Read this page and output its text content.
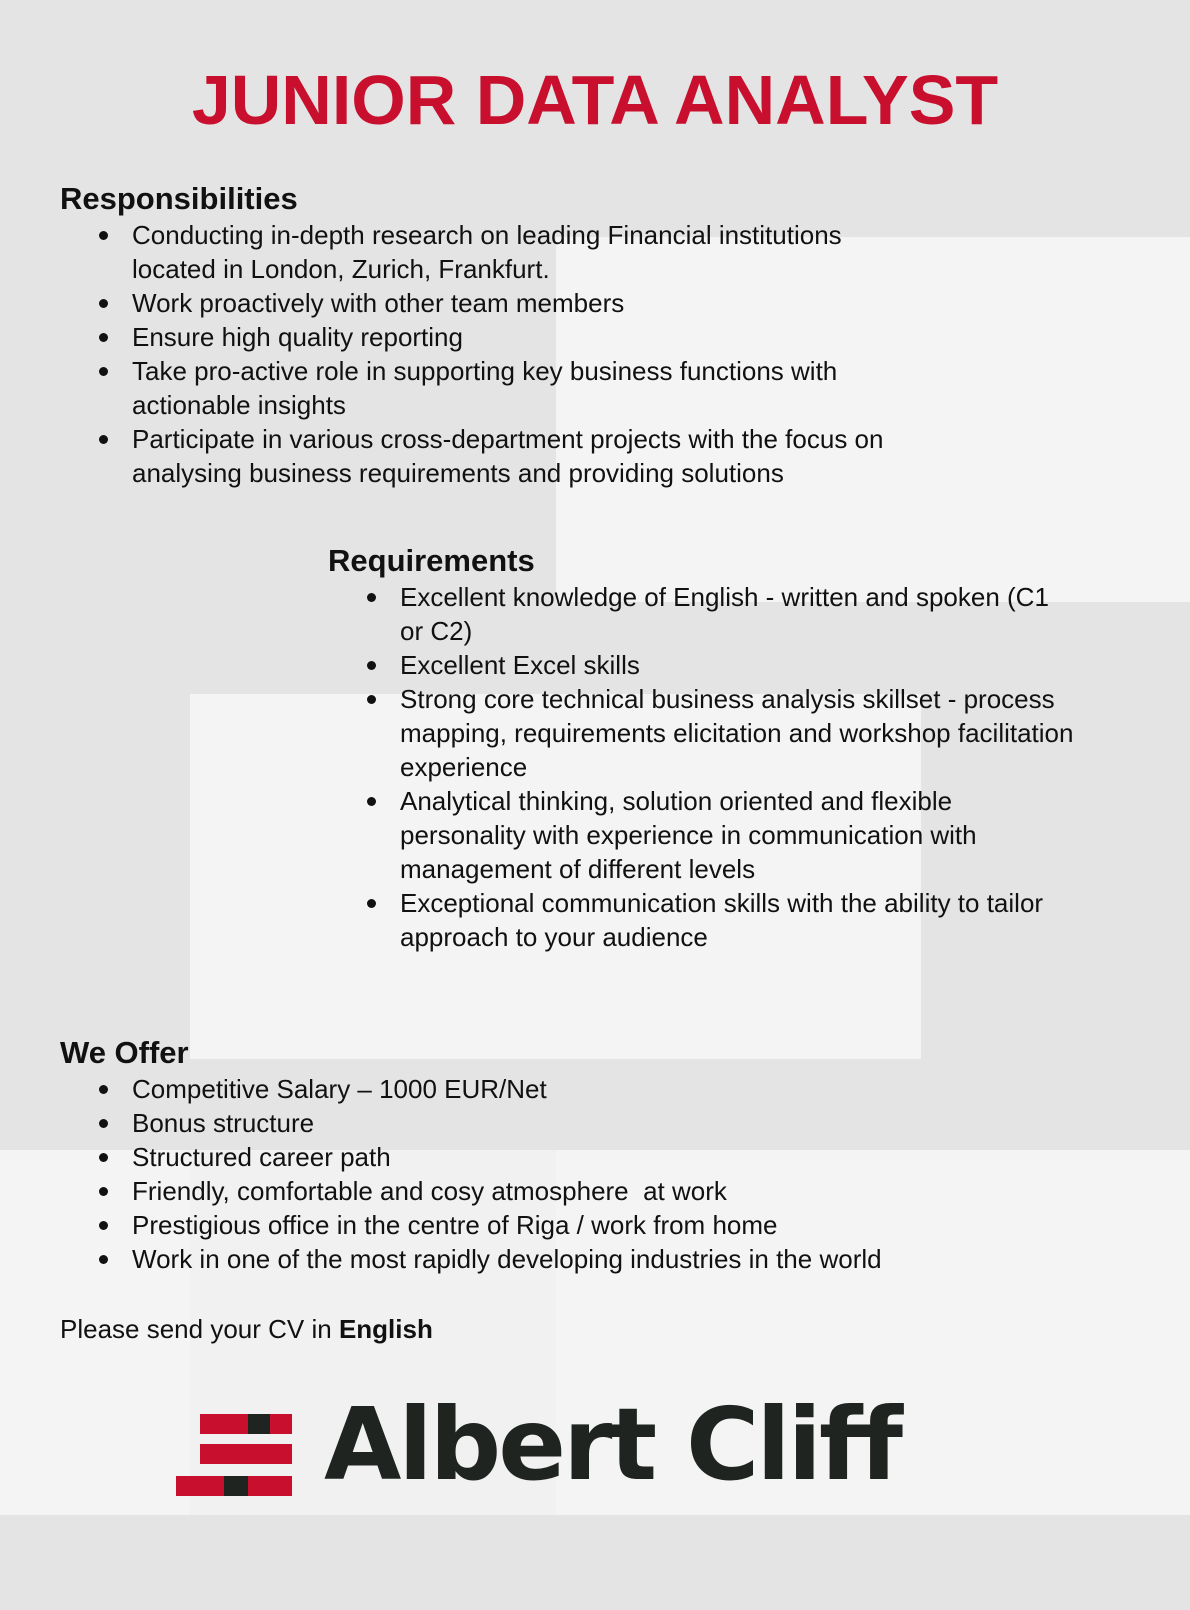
JUNIOR DATA ANALYST
Responsibilities
Conducting in-depth research on leading Financial institutions located in London, Zurich, Frankfurt.
Work proactively with other team members
Ensure high quality reporting
Take pro-active role in supporting key business functions with actionable insights
Participate in various cross-department projects with the focus on analysing business requirements and providing solutions
Requirements
Excellent knowledge of English - written and spoken (C1 or C2)
Excellent Excel skills
Strong core technical business analysis skillset - process mapping, requirements elicitation and workshop facilitation experience
Analytical thinking, solution oriented and flexible personality with experience in communication with management of different levels
Exceptional communication skills with the ability to tailor approach to your audience
We Offer
Competitive Salary – 1000 EUR/Net
Bonus structure
Structured career path
Friendly, comfortable and cosy atmosphere  at work
Prestigious office in the centre of Riga / work from home
Work in one of the most rapidly developing industries in the world
Please send your CV in English
Albert Cliff
